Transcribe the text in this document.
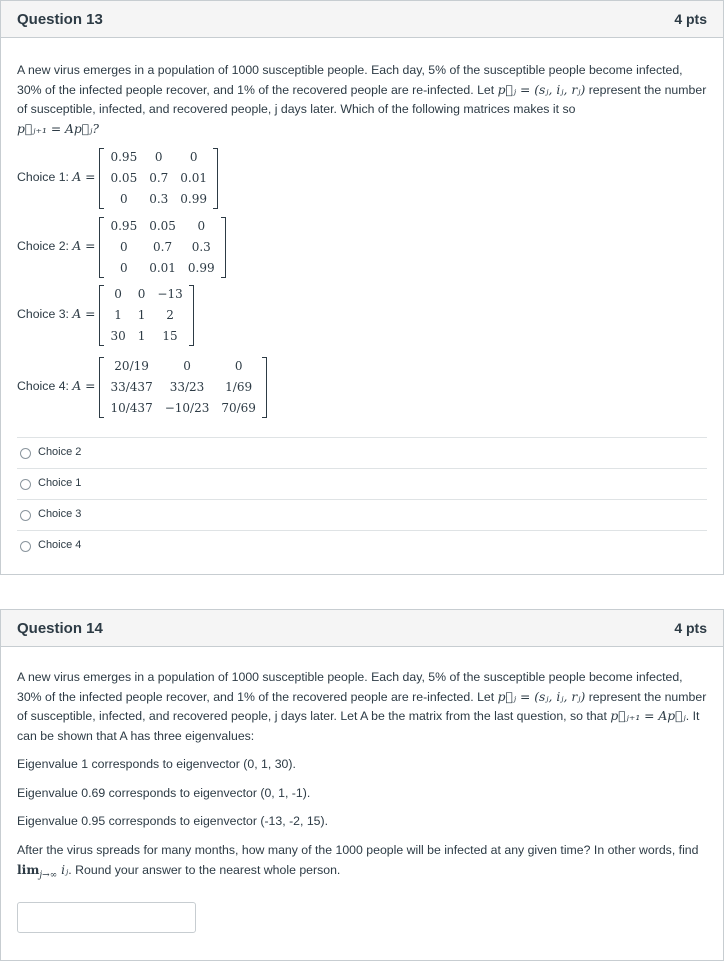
Question 13	4 pts

A new virus emerges in a population of 1000 susceptible people. Each day, 5% of the susceptible people become infected, 30% of the infected people recover, and 1% of the recovered people are re-infected. Let p⃗ⱼ = (sⱼ, iⱼ, rⱼ) represent the number of susceptible, infected, and recovered people, j days later. Which of the following matrices makes it so
p⃗ⱼ₊₁ = Ap⃗ⱼ?

Choice 1: A =
0.95	0	0
0.05	0.7	0.01
0	0.3	0.99
Choice 2: A =
0.95	0.05	0
0	0.7	0.3
0	0.01	0.99
Choice 3: A =
0	0	−13
1	1	2
30	1	15
Choice 4: A =
20/19	0	0
33/437	33/23	1/69
10/437	−10/23	70/69
Choice 2
Choice 1
Choice 3
Choice 4
Question 14	4 pts

A new virus emerges in a population of 1000 susceptible people. Each day, 5% of the susceptible people become infected, 30% of the infected people recover, and 1% of the recovered people are re-infected. Let p⃗ⱼ = (sⱼ, iⱼ, rⱼ) represent the number of susceptible, infected, and recovered people, j days later. Let A be the matrix from the last question, so that p⃗ⱼ₊₁ = Ap⃗ⱼ. It can be shown that A has three eigenvalues:

Eigenvalue 1 corresponds to eigenvector (0, 1, 30).

Eigenvalue 0.69 corresponds to eigenvector (0, 1, -1).

Eigenvalue 0.95 corresponds to eigenvector (-13, -2, 15).

After the virus spreads for many months, how many of the 1000 people will be infected at any given time? In other words, find $\lim_{j\to\infty}$ iⱼ. Round your answer to the nearest whole person.
